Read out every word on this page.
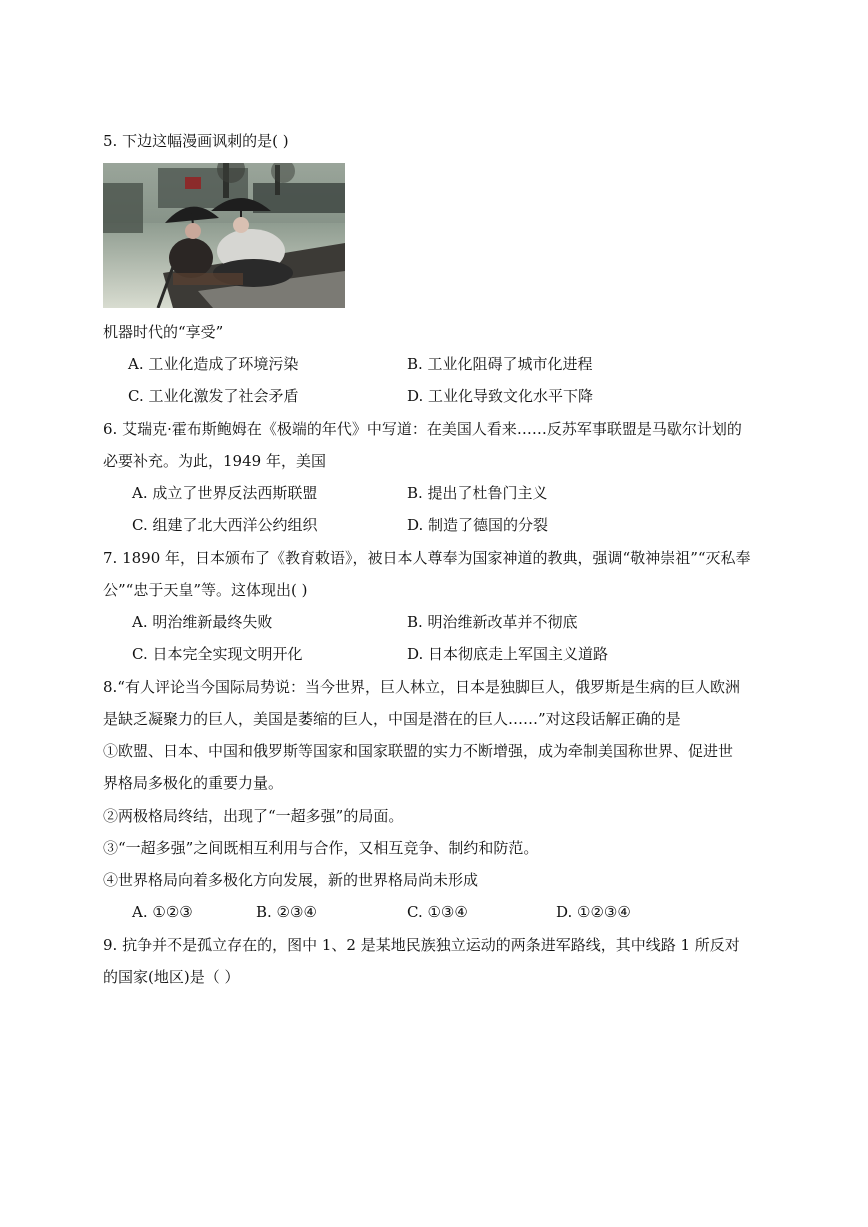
5. 下边这幅漫画讽刺的是( )
机器时代的“享受”
A. 工业化造成了环境污染	B. 工业化阻碍了城市化进程
C. 工业化激发了社会矛盾	D. 工业化导致文化水平下降
6. 艾瑞克·霍布斯鲍姆在《极端的年代》中写道：在美国人看来……反苏军事联盟是马歇尔计划的
必要补充。为此，1949 年，美国
A. 成立了世界反法西斯联盟	B. 提出了杜鲁门主义
C. 组建了北大西洋公约组织	D. 制造了德国的分裂
7. 1890 年，日本颁布了《教育敕语》，被日本人尊奉为国家神道的教典，强调“敬神崇祖”“灭私奉
公”“忠于天皇”等。这体现出( )
A. 明治维新最终失败	B. 明治维新改革并不彻底
C. 日本完全实现文明开化	D. 日本彻底走上军国主义道路
8.“有人评论当今国际局势说：当今世界，巨人林立，日本是独脚巨人，俄罗斯是生病的巨人欧洲
是缺乏凝聚力的巨人，美国是萎缩的巨人，中国是潜在的巨人……”对这段话解正确的是
①欧盟、日本、中国和俄罗斯等国家和国家联盟的实力不断增强，成为牵制美国称世界、促进世
界格局多极化的重要力量。
②两极格局终结，出现了“一超多强”的局面。
③“一超多强”之间既相互利用与合作，又相互竞争、制约和防范。
④世界格局向着多极化方向发展，新的世界格局尚未形成
A. ①②③	B. ②③④	C. ①③④	D. ①②③④
9. 抗争并不是孤立存在的，图中 1、2 是某地民族独立运动的两条进军路线，其中线路 1 所反对
的国家(地区)是（ ）
